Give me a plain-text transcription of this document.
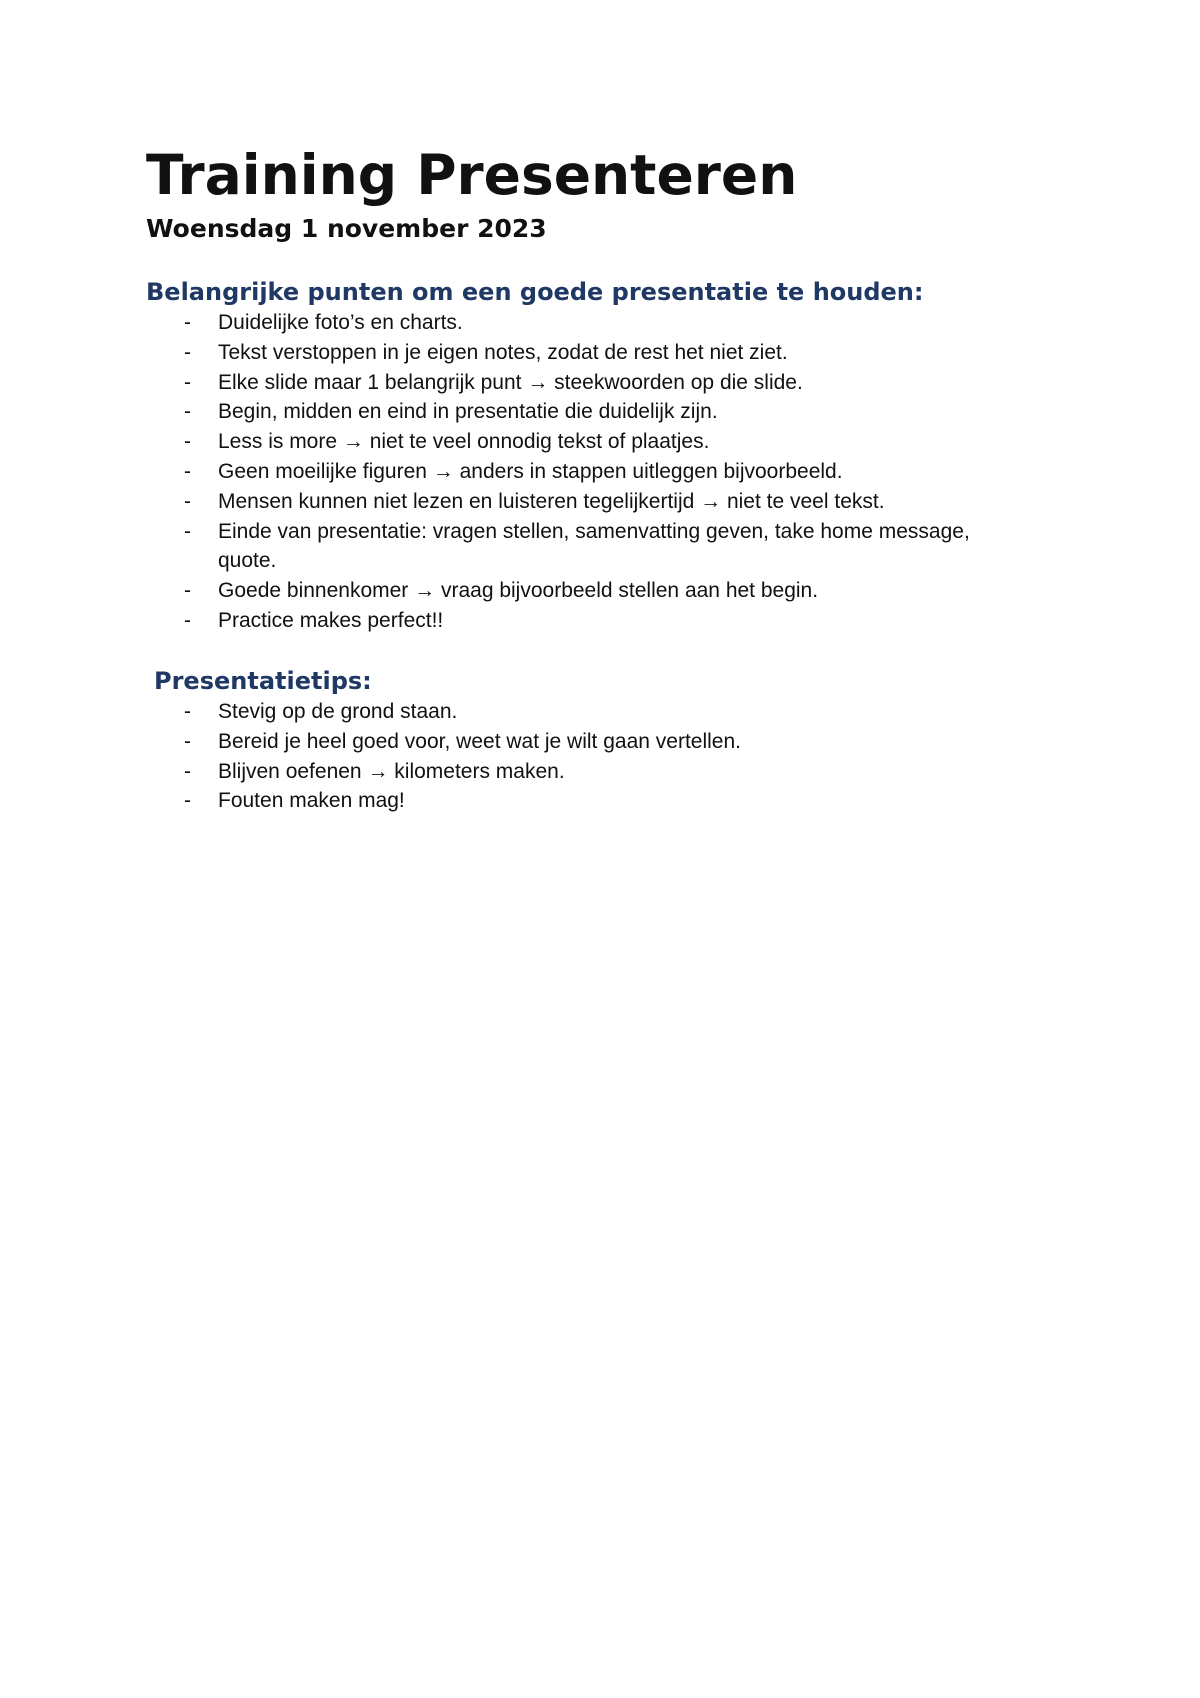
Training Presenteren
Woensdag 1 november 2023
Belangrijke punten om een goede presentatie te houden:
- Duidelijke foto’s en charts.
- Tekst verstoppen in je eigen notes, zodat de rest het niet ziet.
- Elke slide maar 1 belangrijk punt → steekwoorden op die slide.
- Begin, midden en eind in presentatie die duidelijk zijn.
- Less is more → niet te veel onnodig tekst of plaatjes.
- Geen moeilijke figuren → anders in stappen uitleggen bijvoorbeeld.
- Mensen kunnen niet lezen en luisteren tegelijkertijd → niet te veel tekst.
- Einde van presentatie: vragen stellen, samenvatting geven, take home message, quote.
- Goede binnenkomer → vraag bijvoorbeeld stellen aan het begin.
- Practice makes perfect!!
Presentatietips:
- Stevig op de grond staan.
- Bereid je heel goed voor, weet wat je wilt gaan vertellen.
- Blijven oefenen → kilometers maken.
- Fouten maken mag!
